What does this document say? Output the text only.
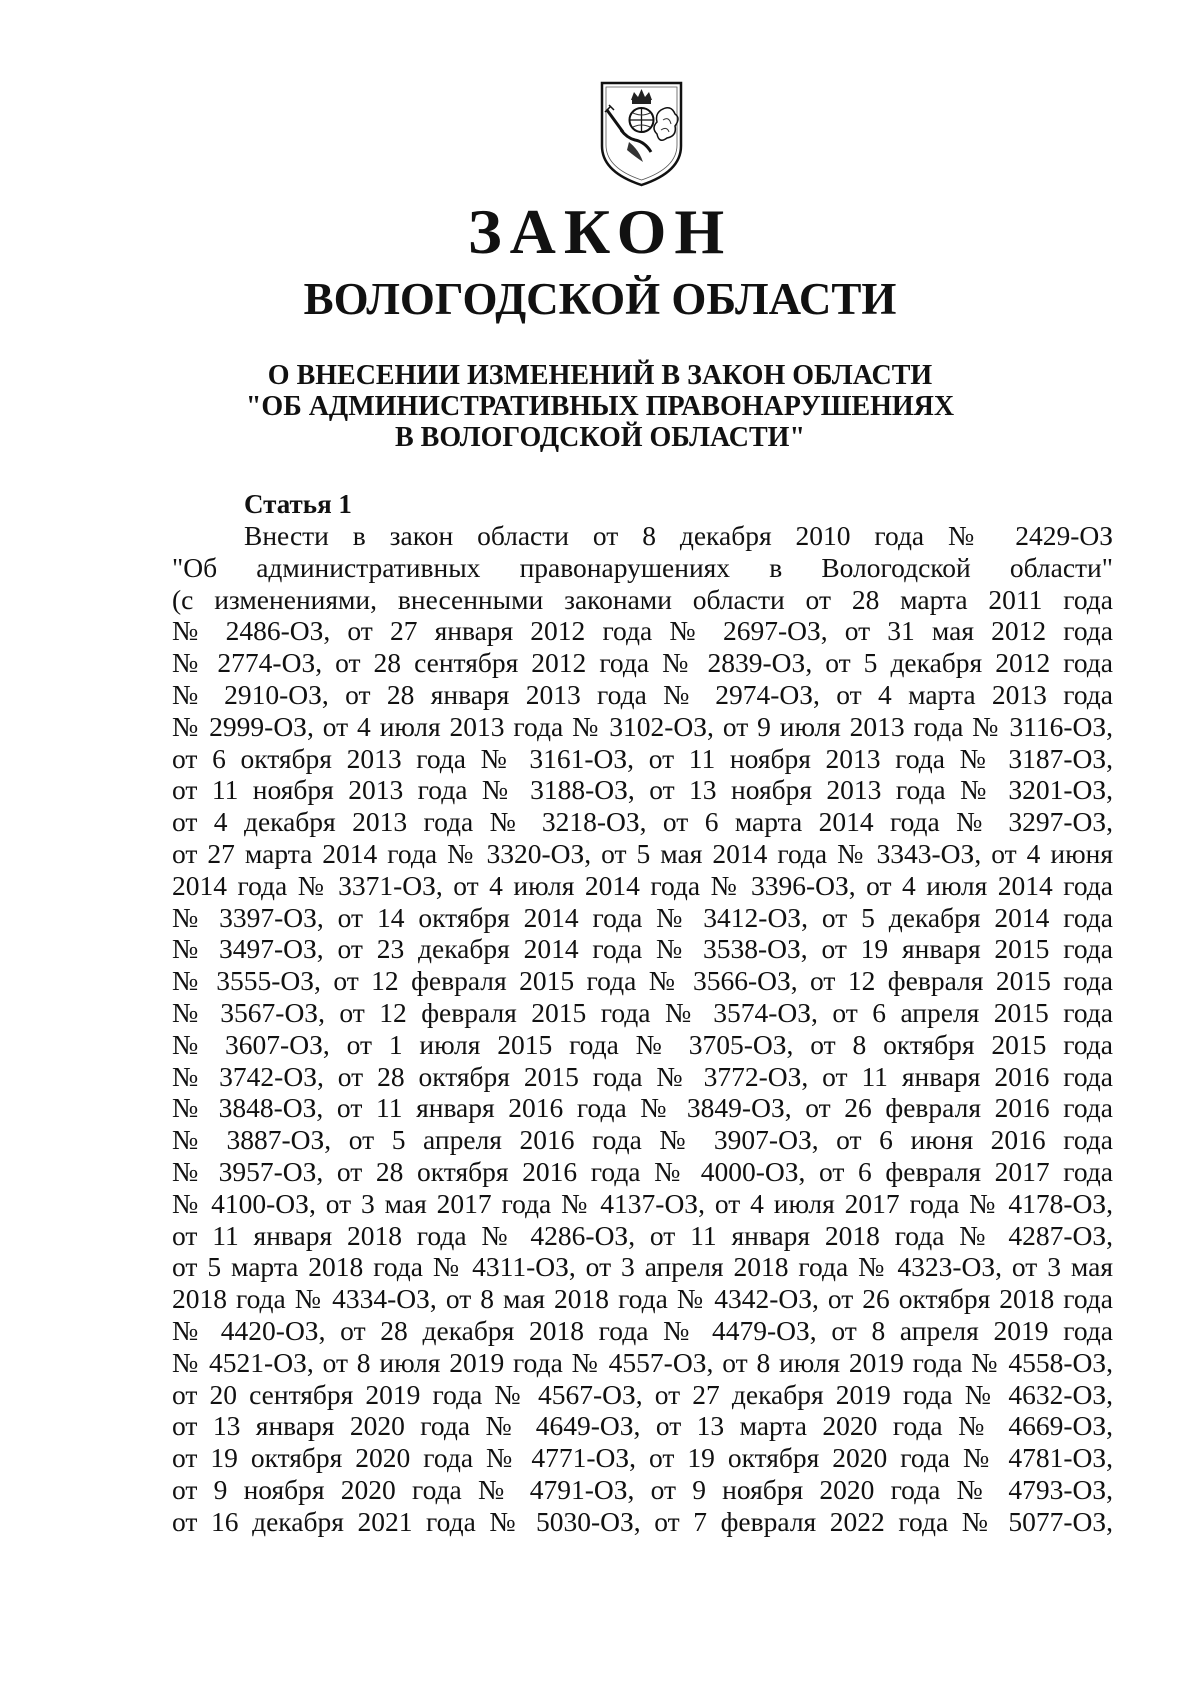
ЗАКОН
ВОЛОГОДСКОЙ ОБЛАСТИ
О ВНЕСЕНИИ ИЗМЕНЕНИЙ В ЗАКОН ОБЛАСТИ
"ОБ АДМИНИСТРАТИВНЫХ ПРАВОНАРУШЕНИЯХ
В ВОЛОГОДСКОЙ ОБЛАСТИ"
Статья 1
Внести в закон области от 8 декабря 2010 года № 2429-ОЗ
"Об административных правонарушениях в Вологодской области"
(с изменениями, внесенными законами области от 28 марта 2011 года
№ 2486-ОЗ, от 27 января 2012 года № 2697-ОЗ, от 31 мая 2012 года
№ 2774-ОЗ, от 28 сентября 2012 года № 2839-ОЗ, от 5 декабря 2012 года
№ 2910-ОЗ, от 28 января 2013 года № 2974-ОЗ, от 4 марта 2013 года
№ 2999-ОЗ, от 4 июля 2013 года № 3102-ОЗ, от 9 июля 2013 года № 3116-ОЗ,
от 6 октября 2013 года № 3161-ОЗ, от 11 ноября 2013 года № 3187-ОЗ,
от 11 ноября 2013 года № 3188-ОЗ, от 13 ноября 2013 года № 3201-ОЗ,
от 4 декабря 2013 года № 3218-ОЗ, от 6 марта 2014 года № 3297-ОЗ,
от 27 марта 2014 года № 3320-ОЗ, от 5 мая 2014 года № 3343-ОЗ, от 4 июня
2014 года № 3371-ОЗ, от 4 июля 2014 года № 3396-ОЗ, от 4 июля 2014 года
№ 3397-ОЗ, от 14 октября 2014 года № 3412-ОЗ, от 5 декабря 2014 года
№ 3497-ОЗ, от 23 декабря 2014 года № 3538-ОЗ, от 19 января 2015 года
№ 3555-ОЗ, от 12 февраля 2015 года № 3566-ОЗ, от 12 февраля 2015 года
№ 3567-ОЗ, от 12 февраля 2015 года № 3574-ОЗ, от 6 апреля 2015 года
№ 3607-ОЗ, от 1 июля 2015 года № 3705-ОЗ, от 8 октября 2015 года
№ 3742-ОЗ, от 28 октября 2015 года № 3772-ОЗ, от 11 января 2016 года
№ 3848-ОЗ, от 11 января 2016 года № 3849-ОЗ, от 26 февраля 2016 года
№ 3887-ОЗ, от 5 апреля 2016 года № 3907-ОЗ, от 6 июня 2016 года
№ 3957-ОЗ, от 28 октября 2016 года № 4000-ОЗ, от 6 февраля 2017 года
№ 4100-ОЗ, от 3 мая 2017 года № 4137-ОЗ, от 4 июля 2017 года № 4178-ОЗ,
от 11 января 2018 года № 4286-ОЗ, от 11 января 2018 года № 4287-ОЗ,
от 5 марта 2018 года № 4311-ОЗ, от 3 апреля 2018 года № 4323-ОЗ, от 3 мая
2018 года № 4334-ОЗ, от 8 мая 2018 года № 4342-ОЗ, от 26 октября 2018 года
№ 4420-ОЗ, от 28 декабря 2018 года № 4479-ОЗ, от 8 апреля 2019 года
№ 4521-ОЗ, от 8 июля 2019 года № 4557-ОЗ, от 8 июля 2019 года № 4558-ОЗ,
от 20 сентября 2019 года № 4567-ОЗ, от 27 декабря 2019 года № 4632-ОЗ,
от 13 января 2020 года № 4649-ОЗ, от 13 марта 2020 года № 4669-ОЗ,
от 19 октября 2020 года № 4771-ОЗ, от 19 октября 2020 года № 4781-ОЗ,
от 9 ноября 2020 года № 4791-ОЗ, от 9 ноября 2020 года № 4793-ОЗ,
от 16 декабря 2021 года № 5030-ОЗ, от 7 февраля 2022 года № 5077-ОЗ,
